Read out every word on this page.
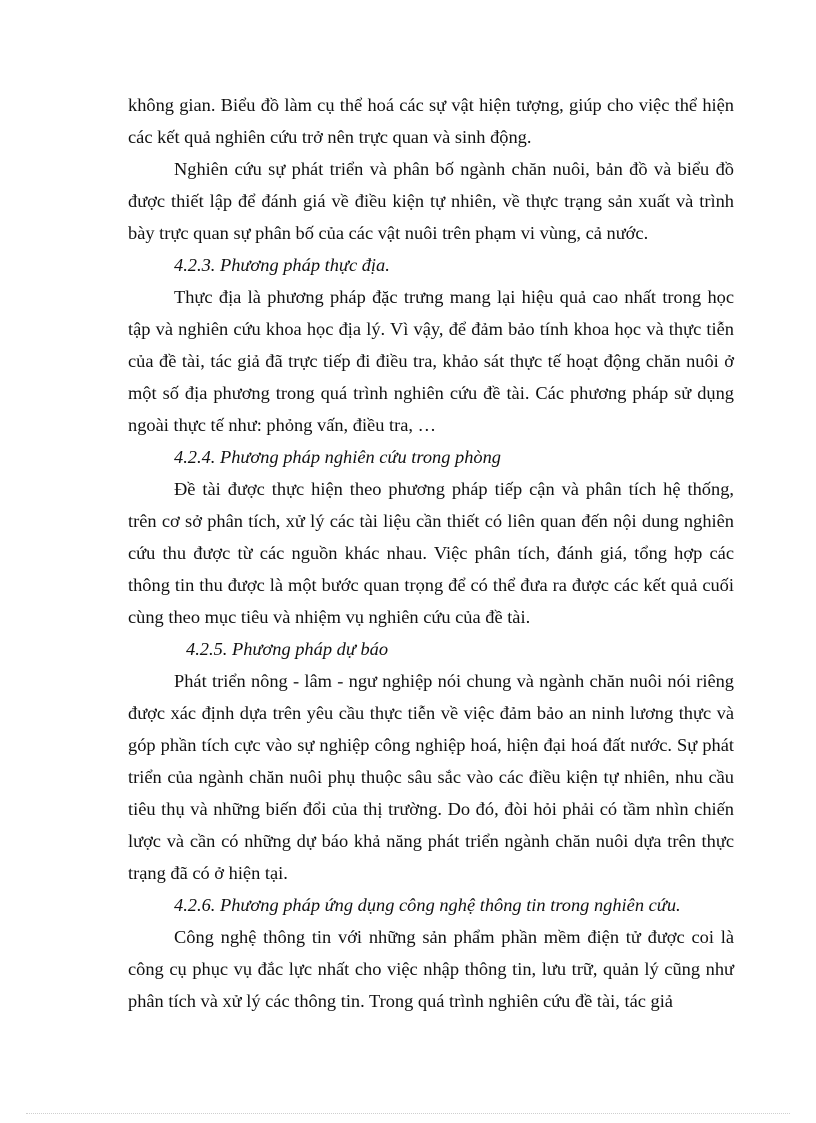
không gian. Biểu đồ làm cụ thể hoá các sự vật hiện tượng, giúp cho việc thể hiện các kết quả nghiên cứu trở nên trực quan và sinh động.

Nghiên cứu sự phát triển và phân bố ngành chăn nuôi, bản đồ và biểu đồ được thiết lập để đánh giá về điều kiện tự nhiên, về thực trạng sản xuất và trình bày trực quan sự phân bố của các vật nuôi trên phạm vi vùng, cả nước.

4.2.3. Phương pháp thực địa.

Thực địa là phương pháp đặc trưng mang lại hiệu quả cao nhất trong học tập và nghiên cứu khoa học địa lý. Vì vậy, để đảm bảo tính khoa học và thực tiễn của đề tài, tác giả đã trực tiếp đi điều tra, khảo sát thực tế hoạt động chăn nuôi ở một số địa phương trong quá trình nghiên cứu đề tài. Các phương pháp sử dụng ngoài thực tế như: phỏng vấn, điều tra, …

4.2.4. Phương pháp nghiên cứu trong phòng

Đề tài được thực hiện theo phương pháp tiếp cận và phân tích hệ thống, trên cơ sở phân tích, xử lý các tài liệu cần thiết có liên quan đến nội dung nghiên cứu thu được từ các nguồn khác nhau. Việc phân tích, đánh giá, tổng hợp các thông tin thu được là một bước quan trọng để có thể đưa ra được các kết quả cuối cùng theo mục tiêu và nhiệm vụ nghiên cứu của đề tài.

4.2.5. Phương pháp dự báo

Phát triển nông - lâm - ngư nghiệp nói chung và ngành chăn nuôi nói riêng được xác định dựa trên yêu cầu thực tiễn về việc đảm bảo an ninh lương thực và góp phần tích cực vào sự nghiệp công nghiệp hoá, hiện đại hoá đất nước. Sự phát triển của ngành chăn nuôi phụ thuộc sâu sắc vào các điều kiện tự nhiên, nhu cầu tiêu thụ và những biến đổi của thị trường. Do đó, đòi hỏi phải có tầm nhìn chiến lược và cần có những dự báo khả năng phát triển ngành chăn nuôi dựa trên thực trạng đã có ở hiện tại.

4.2.6. Phương pháp ứng dụng công nghệ thông tin trong nghiên cứu.

Công nghệ thông tin với những sản phẩm phần mềm điện tử được coi là công cụ phục vụ đắc lực nhất cho việc nhập thông tin, lưu trữ, quản lý cũng như phân tích và xử lý các thông tin. Trong quá trình nghiên cứu đề tài, tác giả
